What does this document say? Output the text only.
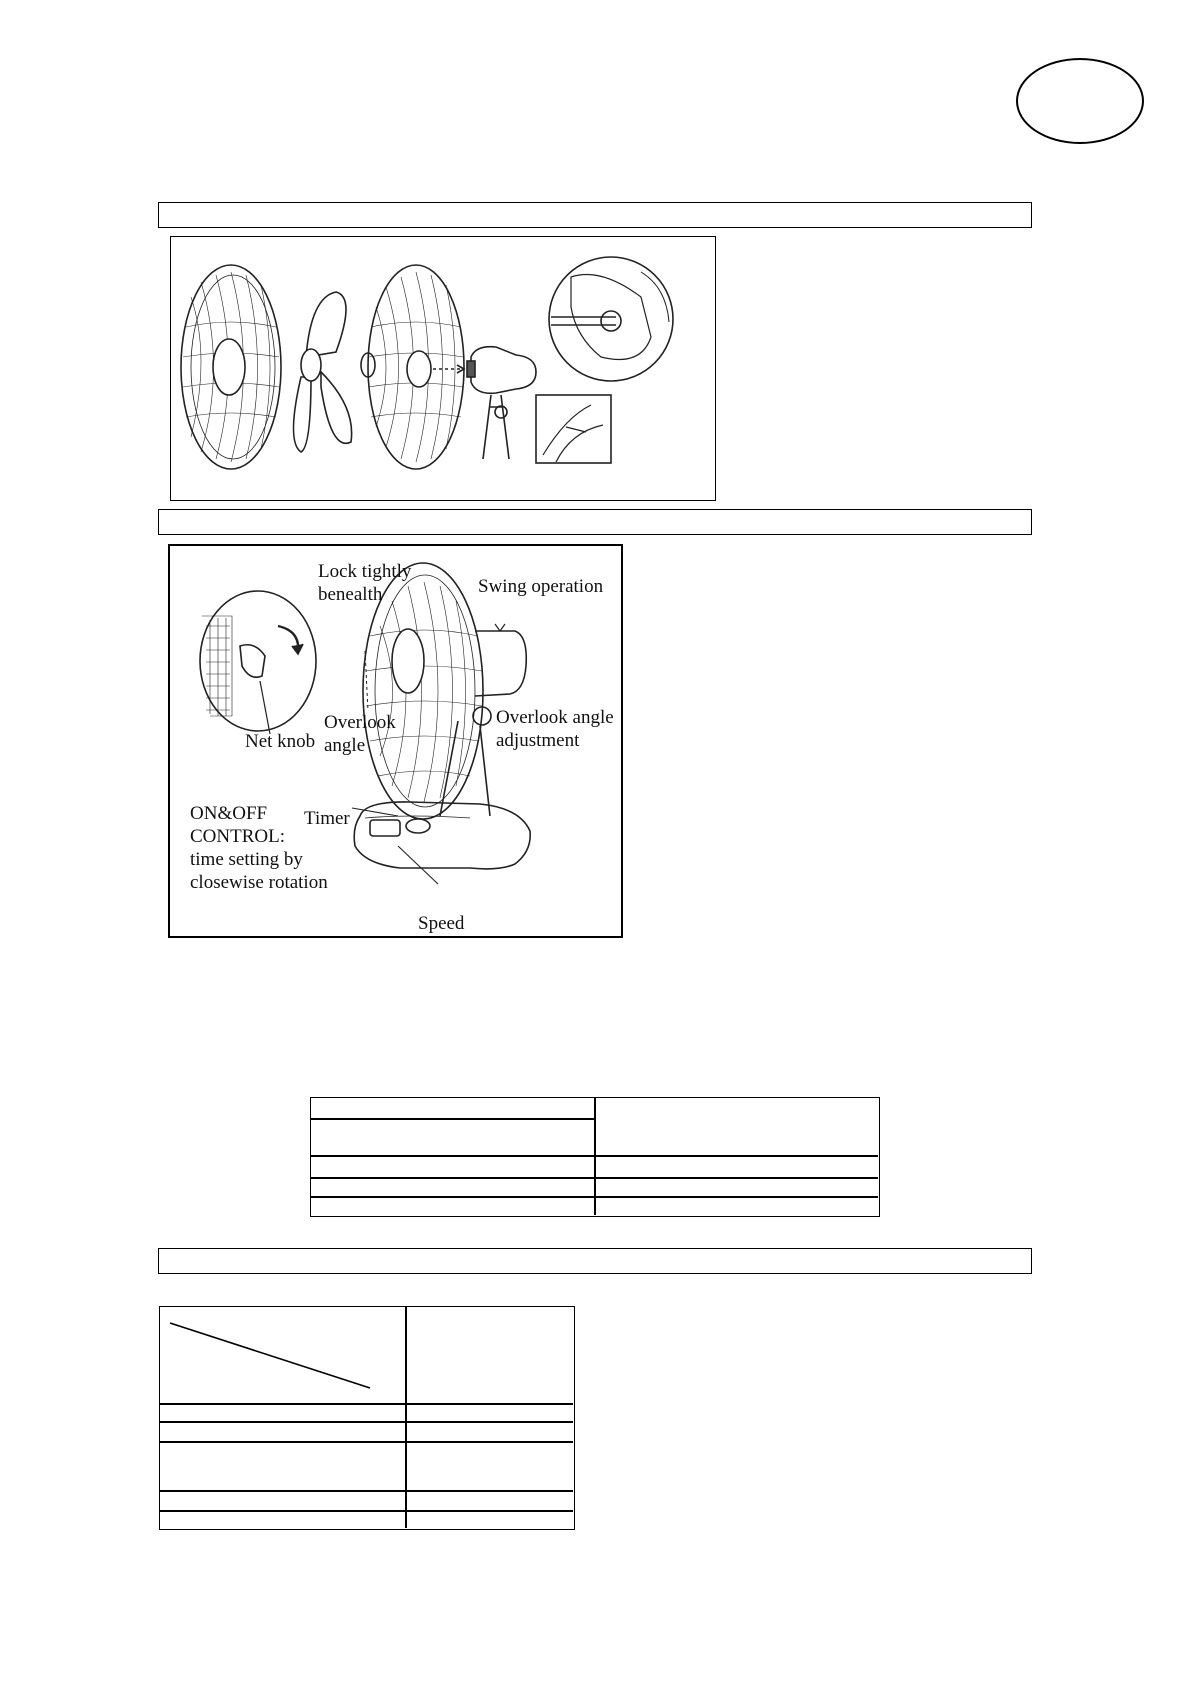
Lock tightly
benealth	Swing operation
Net knob
Overlook
angle
Overlook angle
adjustment
ON&OFF
CONTROL:
time setting by
closewise rotation
Timer
Speed
